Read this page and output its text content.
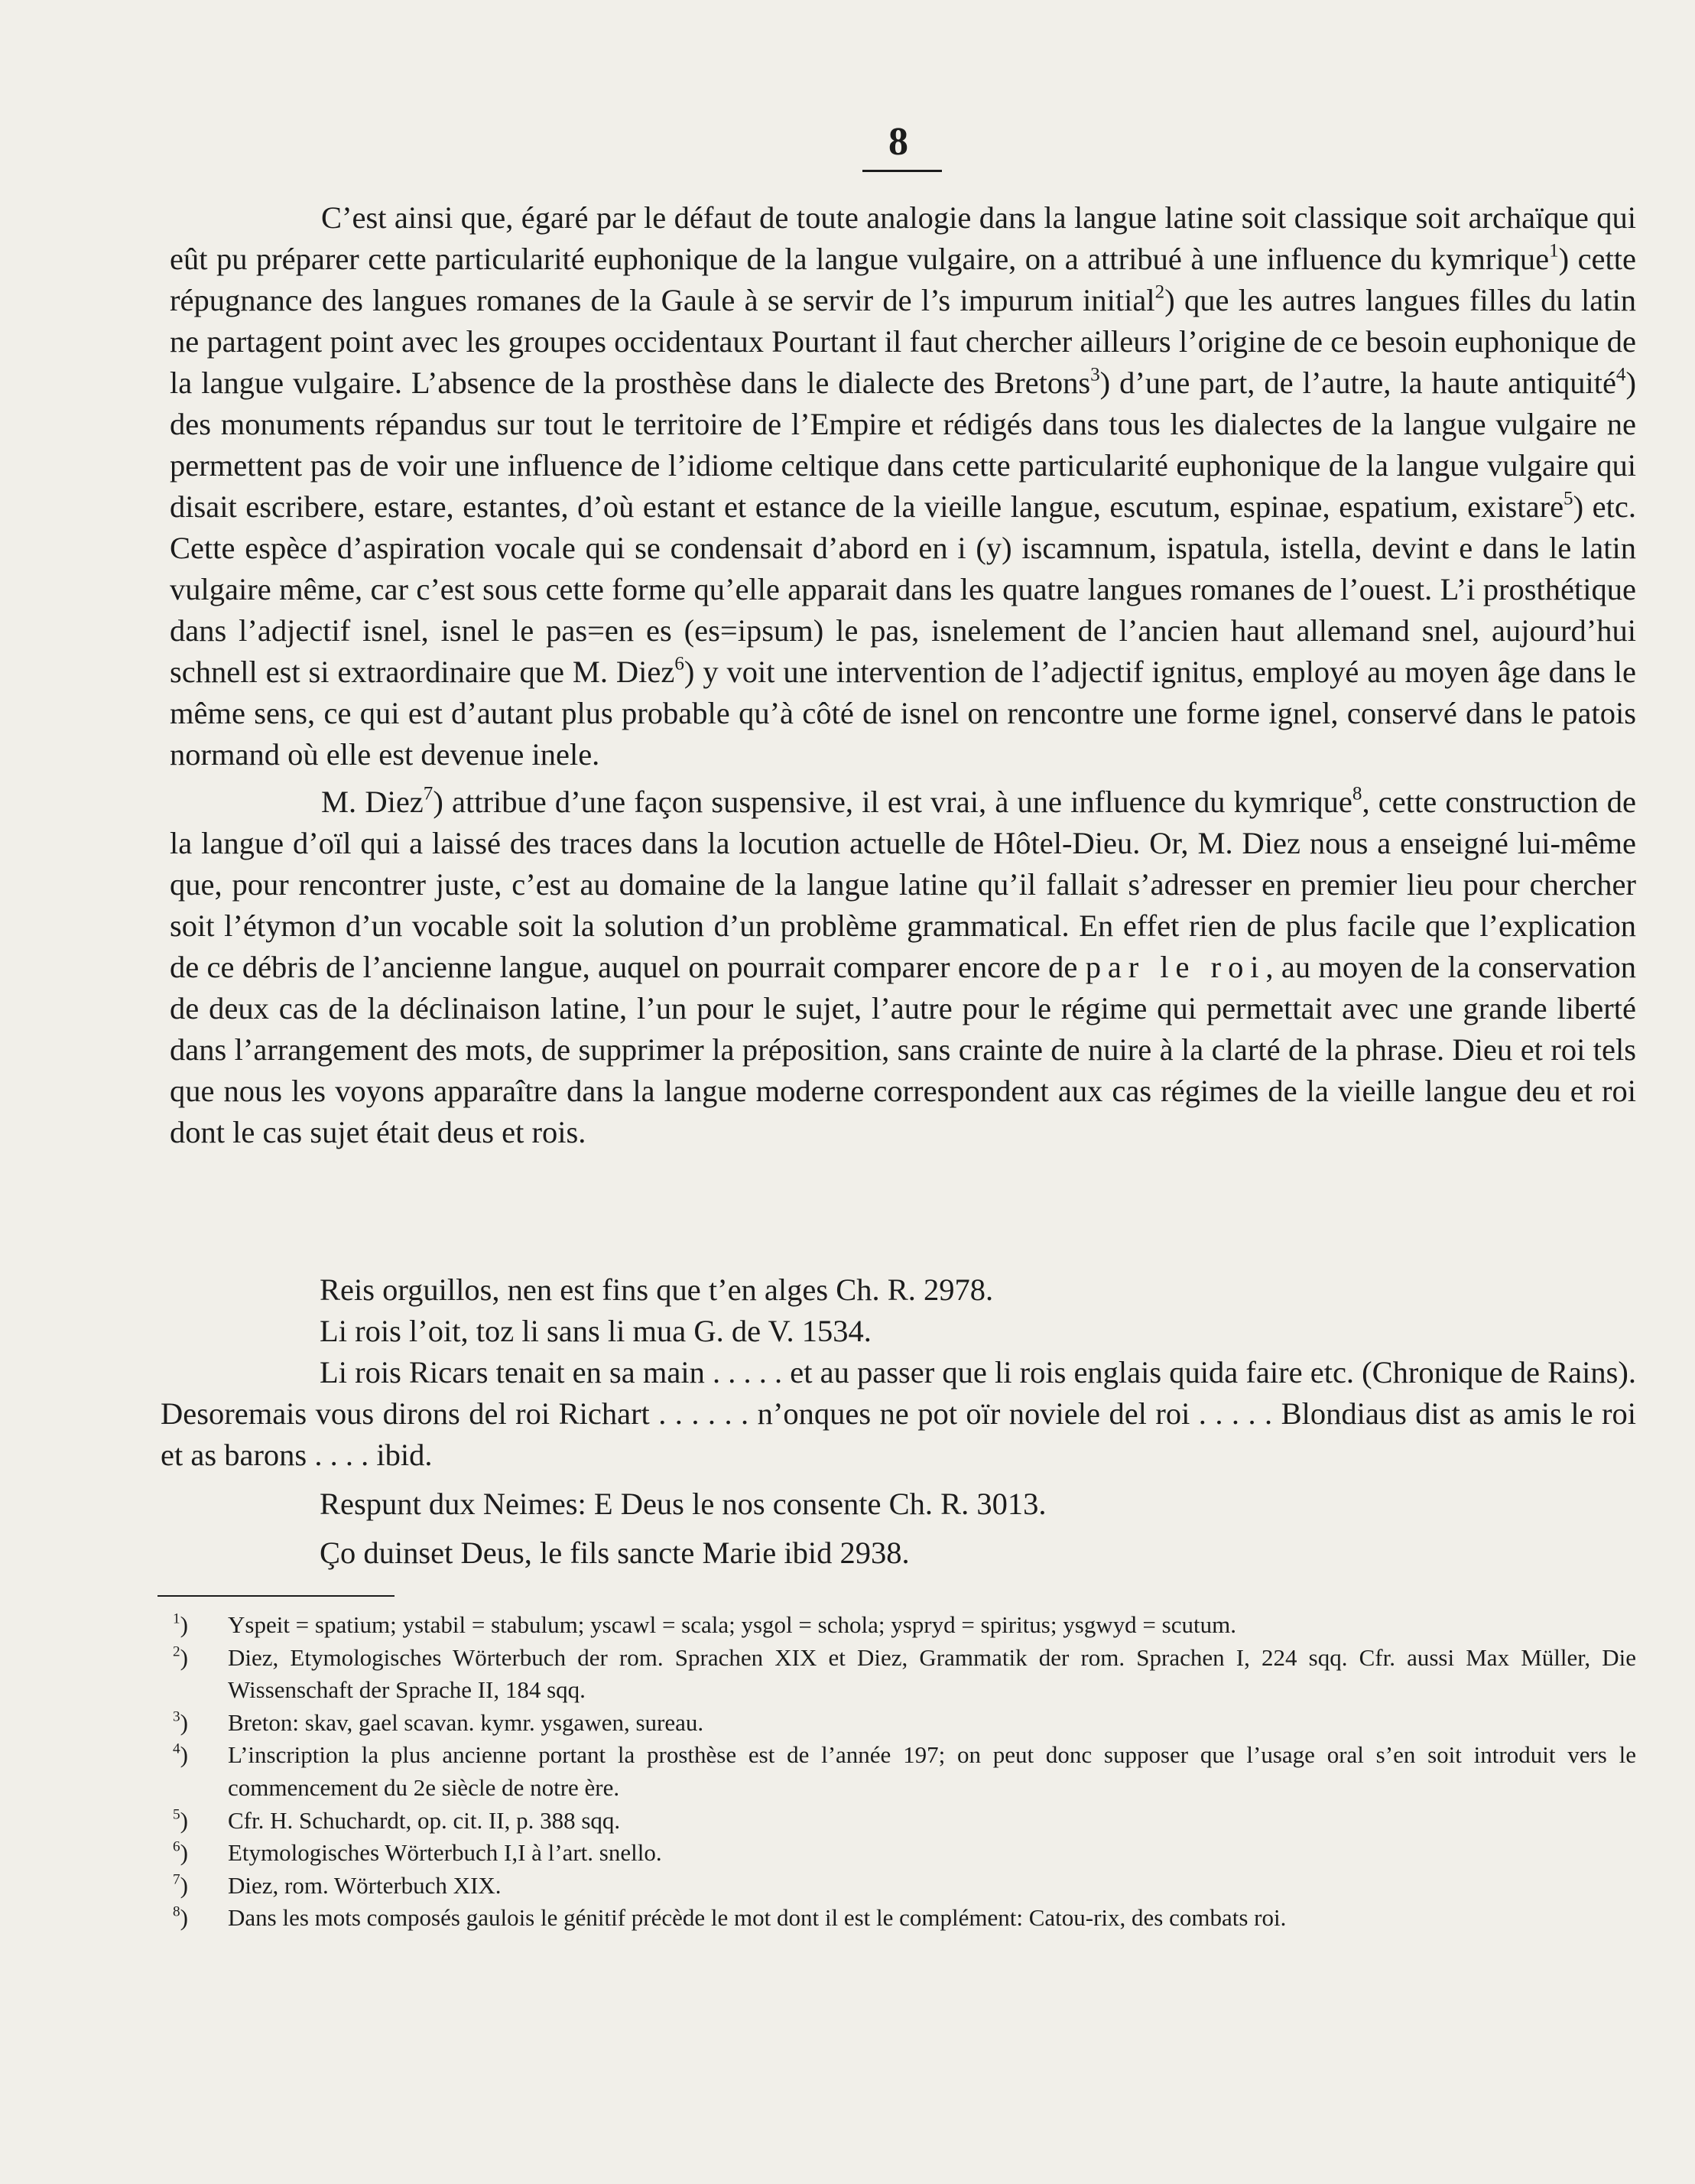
8

C’est ainsi que, égaré par le défaut de toute analogie dans la langue latine soit classique soit archaïque qui eût pu préparer cette particularité euphonique de la langue vulgaire, on a attribué à une influence du kymrique$^1$) cette répugnance des langues romanes de la Gaule à se servir de l’s impurum initial$^2$) que les autres langues filles du latin ne partagent point avec les groupes occidentaux Pourtant il faut chercher ailleurs l’origine de ce besoin euphonique de la langue vulgaire. L’absence de la prosthèse dans le dialecte des Bretons$^3$) d’une part, de l’autre, la haute antiquité$^4$) des monuments répandus sur tout le territoire de l’Empire et rédigés dans tous les dialectes de la langue vulgaire ne permettent pas de voir une influence de l’idiome celtique dans cette particularité euphonique de la langue vulgaire qui disait escribere, estare, estantes, d’où estant et estance de la vieille langue, escutum, espinae, espatium, existare$^5$) etc. Cette espèce d’aspiration vocale qui se condensait d’abord en i (y) iscamnum, ispatula, istella, devint e dans le latin vulgaire même, car c’est sous cette forme qu’elle apparait dans les quatre langues romanes de l’ouest. L’i prosthétique dans l’adjectif isnel, isnel le pas=en es (es=ipsum) le pas, isnelement de l’ancien haut allemand snel, aujourd’hui schnell est si extraordinaire que M. Diez$^6$) y voit une intervention de l’adjectif ignitus, employé au moyen âge dans le même sens, ce qui est d’autant plus probable qu’à côté de isnel on rencontre une forme ignel, conservé dans le patois normand où elle est devenue inele.

M. Diez$^7$) attribue d’une façon suspensive, il est vrai, à une influence du kymrique$^8$, cette construction de la langue d’oïl qui a laissé des traces dans la locution actuelle de Hôtel-Dieu. Or, M. Diez nous a enseigné lui-même que, pour rencontrer juste, c’est au domaine de la langue latine qu’il fallait s’adresser en premier lieu pour chercher soit l’étymon d’un vocable soit la solution d’un problème grammatical. En effet rien de plus facile que l’explication de ce débris de l’ancienne langue, auquel on pourrait comparer encore de par le roi, au moyen de la conservation de deux cas de la déclinaison latine, l’un pour le sujet, l’autre pour le régime qui permettait avec une grande liberté dans l’arrangement des mots, de supprimer la préposition, sans crainte de nuire à la clarté de la phrase. Dieu et roi tels que nous les voyons apparaître dans la langue moderne correspondent aux cas régimes de la vieille langue deu et roi dont le cas sujet était deus et rois.

Reis orguillos, nen est fins que t’en alges Ch. R. 2978.

Li rois l’oit, toz li sans li mua G. de V. 1534.

Li rois Ricars tenait en sa main . . . . . et au passer que li rois englais quida faire etc. (Chronique de Rains). Desoremais vous dirons del roi Richart . . . . . . n’onques ne pot oïr noviele del roi . . . . . Blondiaus dist as amis le roi et as barons . . . . ibid.

Respunt dux Neimes: E Deus le nos consente Ch. R. 3013.

Ço duinset Deus, le fils sancte Marie ibid 2938.

$^1$)	Yspeit = spatium; ystabil = stabulum; yscawl = scala; ysgol = schola; yspryd = spiritus; ysgwyd = scutum.
$^2$)	Diez, Etymologisches Wörterbuch der rom. Sprachen XIX et Diez, Grammatik der rom. Sprachen I, 224 sqq. Cfr. aussi Max Müller, Die Wissenschaft der Sprache II, 184 sqq.
$^3$)	Breton: skav, gael scavan. kymr. ysgawen, sureau.
$^4$)	L’inscription la plus ancienne portant la prosthèse est de l’année 197; on peut donc supposer que l’usage oral s’en soit introduit vers le commencement du 2e siècle de notre ère.
$^5$)	Cfr. H. Schuchardt, op. cit. II, p. 388 sqq.
$^6$)	Etymologisches Wörterbuch I,I à l’art. snello.
$^7$)	Diez, rom. Wörterbuch XIX.
$^8$)	Dans les mots composés gaulois le génitif précède le mot dont il est le complément: Catou-rix, des combats roi.
